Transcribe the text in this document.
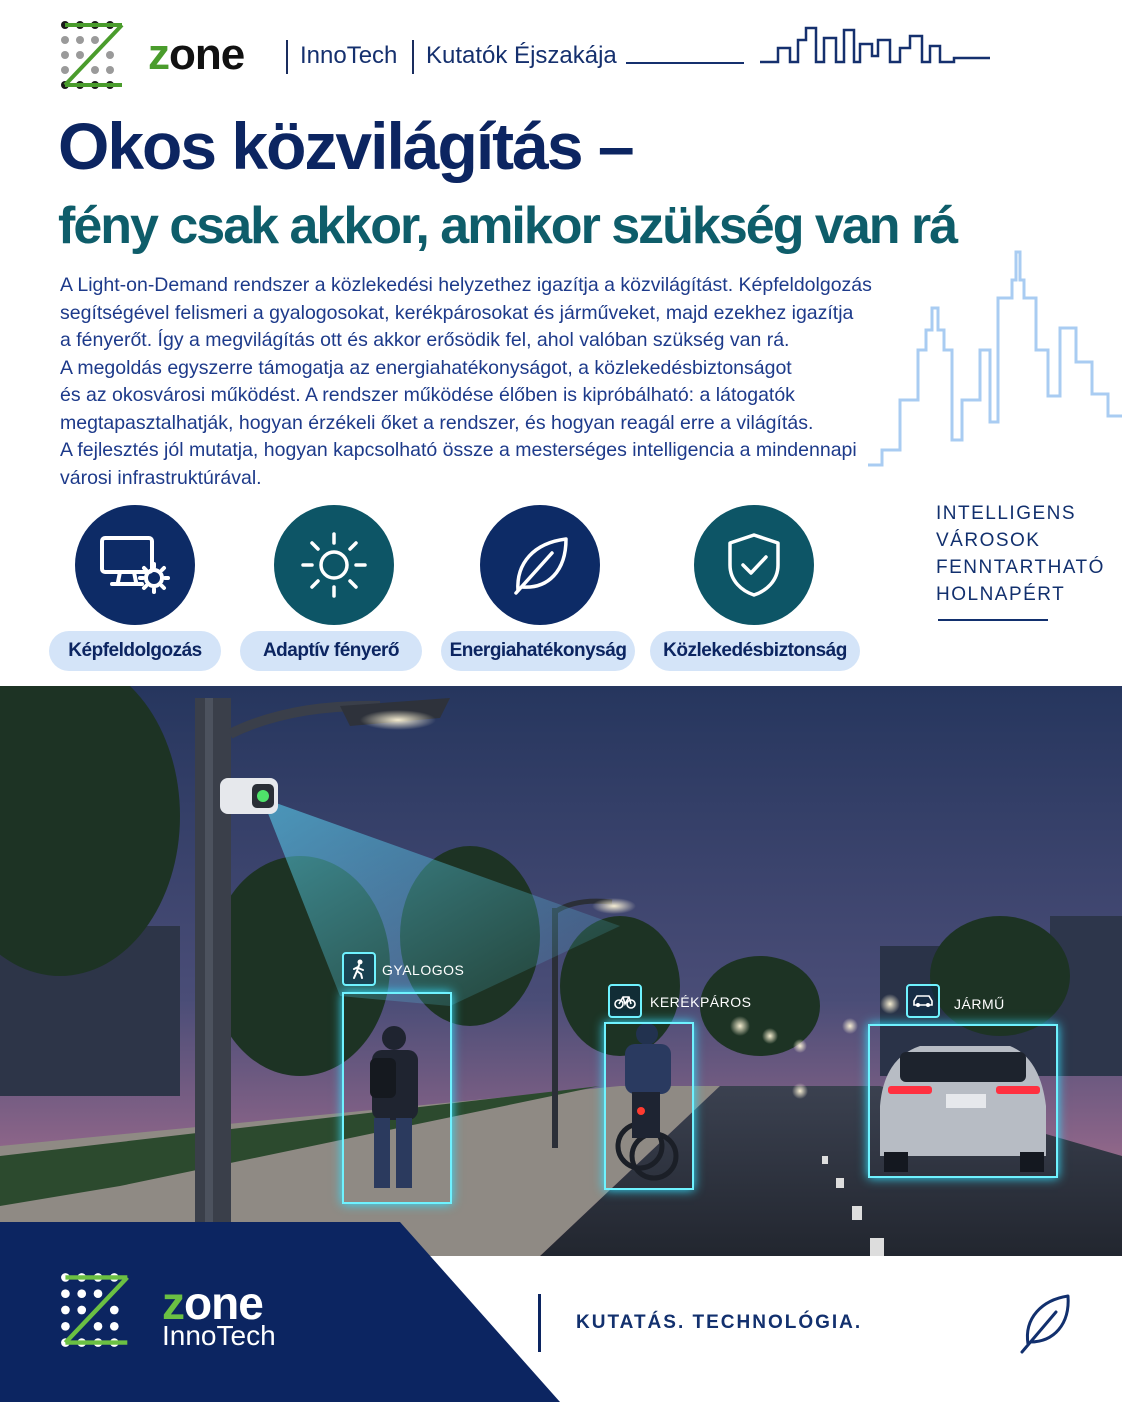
zone InnoTech Kutatók Éjszakája
Okos közvilágítás –
fény csak akkor, amikor szükség van rá
A Light-on-Demand rendszer a közlekedési helyzethez igazítja a közvilágítást. Képfeldolgozás
segítségével felismeri a gyalogosokat, kerékpárosokat és járműveket, majd ezekhez igazítja
a fényerőt. Így a megvilágítás ott és akkor erősödik fel, ahol valóban szükség van rá.
A megoldás egyszerre támogatja az energiahatékonyságot, a közlekedésbiztonságot
és az okosvárosi működést. A rendszer működése élőben is kipróbálható: a látogatók
megtapasztalhatják, hogyan érzékeli őket a rendszer, és hogyan reagál erre a világítás.
A fejlesztés jól mutatja, hogyan kapcsolható össze a mesterséges intelligencia a mindennapi
városi infrastruktúrával.
Képfeldolgozás	Adaptív fényerő	Energiahatékonyság	Közlekedésbiztonság
INTELLIGENS
VÁROSOK
FENNTARTHATÓ
HOLNAPÉRT
GYALOGOS
KERÉKPÁROS	JÁRMŰ
zone
InnoTech	KUTATÁS. TECHNOLÓGIA.
